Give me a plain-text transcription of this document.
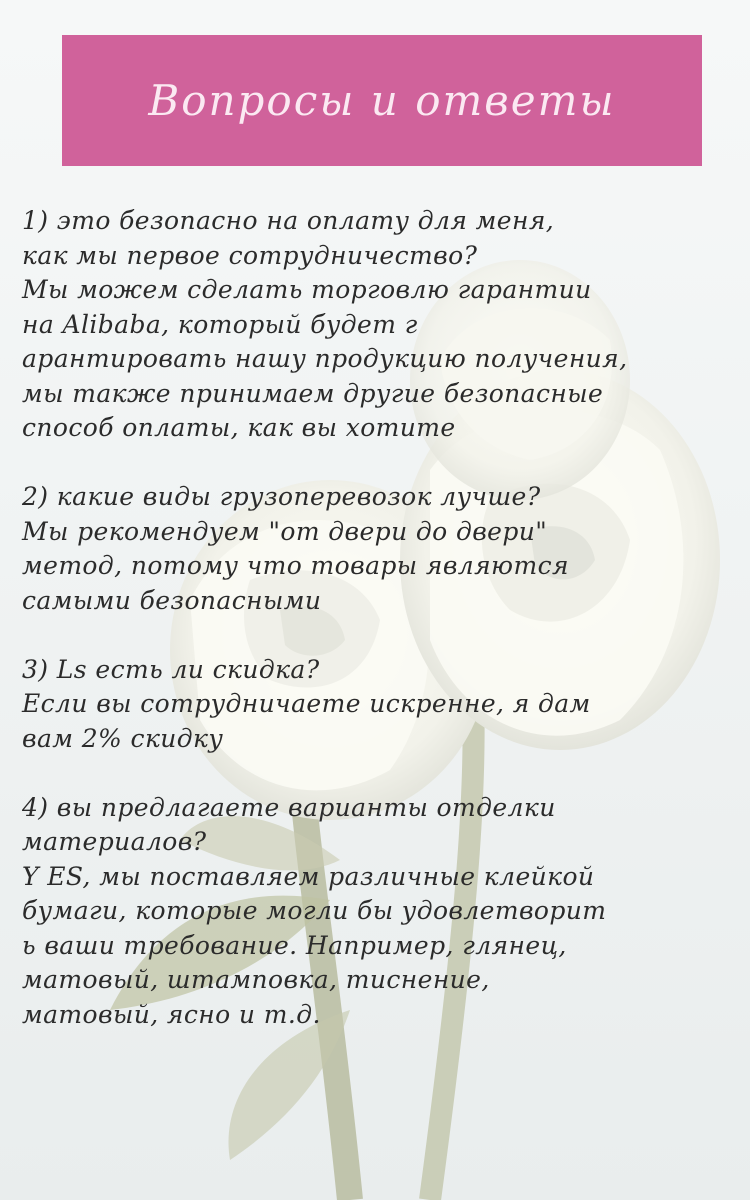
Вопросы и ответы
1) это безопасно на оплату для меня,
как мы первое сотрудничество?
Мы можем сделать торговлю гарантии
на Alibaba, который будет г
арантировать нашу продукцию получения,
мы также принимаем другие безопасные
способ оплаты, как вы хотите
2) какие виды грузоперевозок лучше?
Мы рекомендуем "от двери до двери"
метод, потому что товары являются
самыми безопасными
3) Ls есть ли скидка?
Если вы сотрудничаете искренне, я дам
вам 2% скидку
4) вы предлагаете варианты отделки
материалов?
Y ES, мы поставляем различные клейкой
бумаги, которые могли бы удовлетворит
ь ваши требование. Например, глянец,
матовый, штамповка, тиснение,
матовый, ясно и т.д.
